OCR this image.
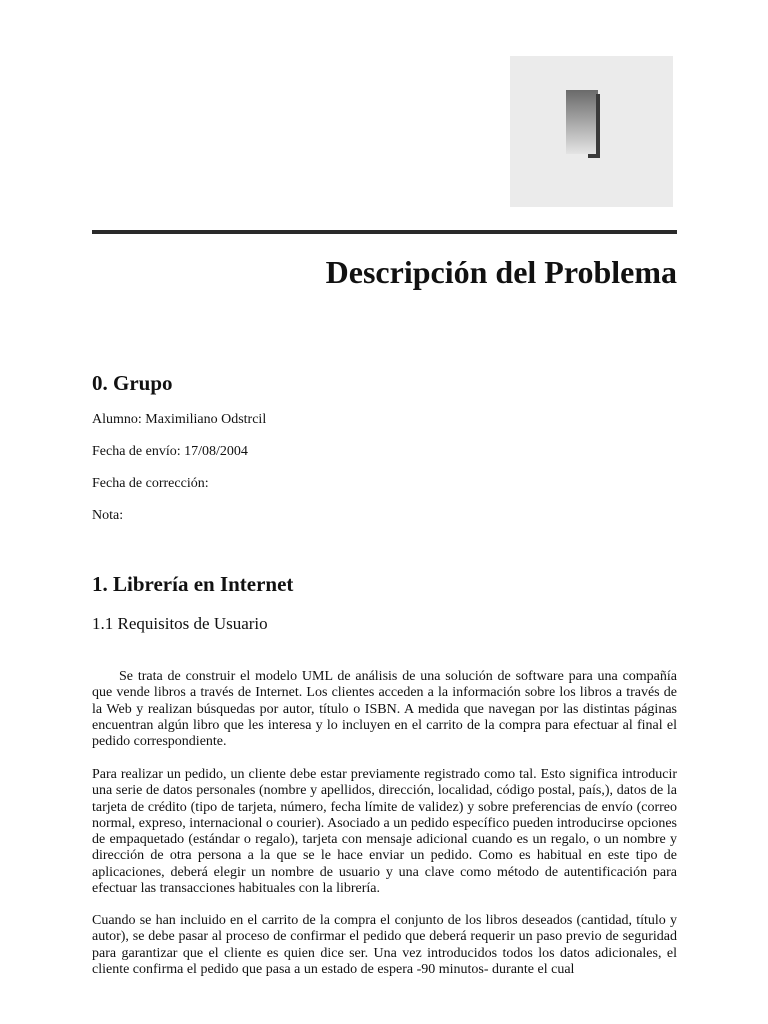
Descripción del Problema
0. Grupo

Alumno: Maximiliano Odstrcil

Fecha de envío: 17/08/2004

Fecha de corrección:

Nota:

1. Librería en Internet
1.1 Requisitos de Usuario

Se trata de construir el modelo UML de análisis de una solución de software para una compañía que vende libros a través de Internet. Los clientes acceden a la información sobre los libros a través de la Web y realizan búsquedas por autor, título o ISBN. A medida que navegan por las distintas páginas encuentran algún libro que les interesa y lo incluyen en el carrito de la compra para efectuar al final el pedido correspondiente.

Para realizar un pedido, un cliente debe estar previamente registrado como tal. Esto significa introducir una serie de datos personales (nombre y apellidos, dirección, localidad, código postal, país,), datos de la tarjeta de crédito (tipo de tarjeta, número, fecha límite de validez) y sobre preferencias de envío (correo normal, expreso, internacional o courier). Asociado a un pedido específico pueden introducirse opciones de empaquetado (estándar o regalo), tarjeta con mensaje adicional cuando es un regalo, o un nombre y dirección de otra persona a la que se le hace enviar un pedido. Como es habitual en este tipo de aplicaciones, deberá elegir un nombre de usuario y una clave como método de autentificación para efectuar las transacciones habituales con la librería.

Cuando se han incluido en el carrito de la compra el conjunto de los libros deseados (cantidad, título y autor), se debe pasar al proceso de confirmar el pedido que deberá requerir un paso previo de seguridad para garantizar que el cliente es quien dice ser. Una vez introducidos todos los datos adicionales, el cliente confirma el pedido que pasa a un estado de espera -90 minutos- durante el cual
